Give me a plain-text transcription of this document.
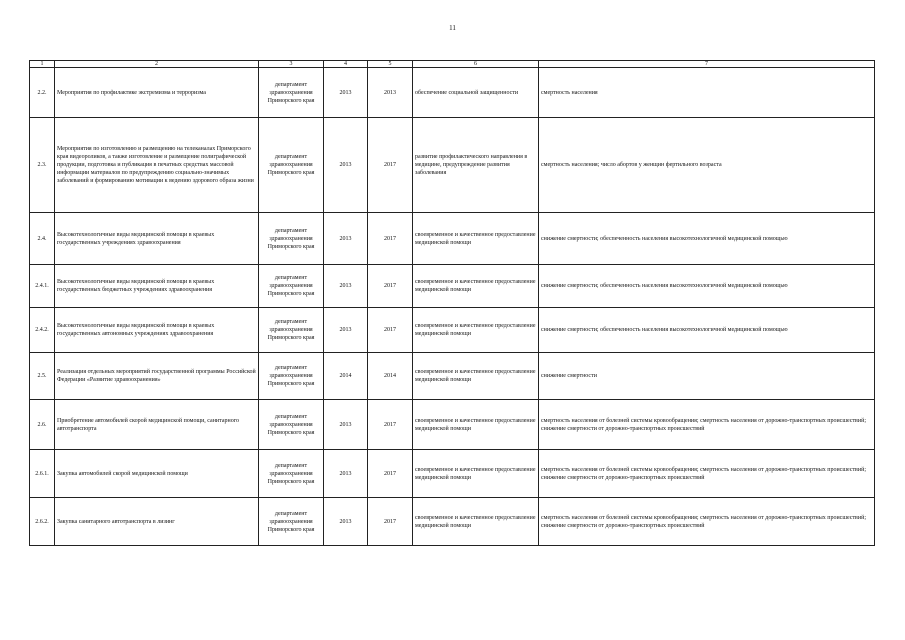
11
1	2	3	4	5	6	7
2.2.	Мероприятия по профилактике экстремизма и терроризма	департамент здравоохранения Приморского края	2013	2013	обеспечение социальной защищенности	смертность населения
2.3.	Мероприятия по изготовлению и размещению на телеканалах Приморского края видеороликов, а также изготовление и размещение полиграфической продукции, подготовка и публикация в печатных средствах массовой информации материалов по предупреждению социально-значимых заболеваний и формированию мотивации к ведению здорового образа жизни	департамент здравоохранения Приморского края	2013	2017	развитие профилактического направления в медицине, предупреждение развития заболевания	смертность населения; число абортов у женщин фертильного возраста
2.4.	Высокотехнологичные виды медицинской помощи в краевых государственных учреждениях здравоохранения	департамент здравоохранения Приморского края	2013	2017	своевременное и качественное предоставление медицинской помощи	снижение смертности; обеспеченность населения высокотехнологичной медицинской помощью
2.4.1.	Высокотехнологичные виды медицинской помощи в краевых государственных бюджетных учреждениях здравоохранения	департамент здравоохранения Приморского края	2013	2017	своевременное и качественное предоставление медицинской помощи	снижение смертности; обеспеченность населения высокотехнологичной медицинской помощью
2.4.2.	Высокотехнологичные виды медицинской помощи в краевых государственных автономных учреждениях здравоохранения	департамент здравоохранения Приморского края	2013	2017	своевременное и качественное предоставление медицинской помощи	снижение смертности; обеспеченность населения высокотехнологичной медицинской помощью
2.5.	Реализация отдельных мероприятий государственной программы Российской Федерации «Развитие здравоохранения»	департамент здравоохранения Приморского края	2014	2014	своевременное и качественное предоставление медицинской помощи	снижение смертности
2.6.	Приобретение автомобилей скорой медицинской помощи, санитарного автотранспорта	департамент здравоохранения Приморского края	2013	2017	своевременное и качественное предоставление медицинской помощи	смертность населения от болезней системы кровообращения; смертность населения от дорожно-транспортных происшествий; снижение смертности от дорожно-транспортных происшествий
2.6.1.	Закупка автомобилей скорой медицинской помощи	департамент здравоохранения Приморского края	2013	2017	своевременное и качественное предоставление медицинской помощи	смертность населения от болезней системы кровообращения; смертность населения от дорожно-транспортных происшествий; снижение смертности от дорожно-транспортных происшествий
2.6.2.	Закупка санитарного автотранспорта в лизинг	департамент здравоохранения Приморского края	2013	2017	своевременное и качественное предоставление медицинской помощи	смертность населения от болезней системы кровообращения; смертность населения от дорожно-транспортных происшествий; снижение смертности от дорожно-транспортных происшествий
